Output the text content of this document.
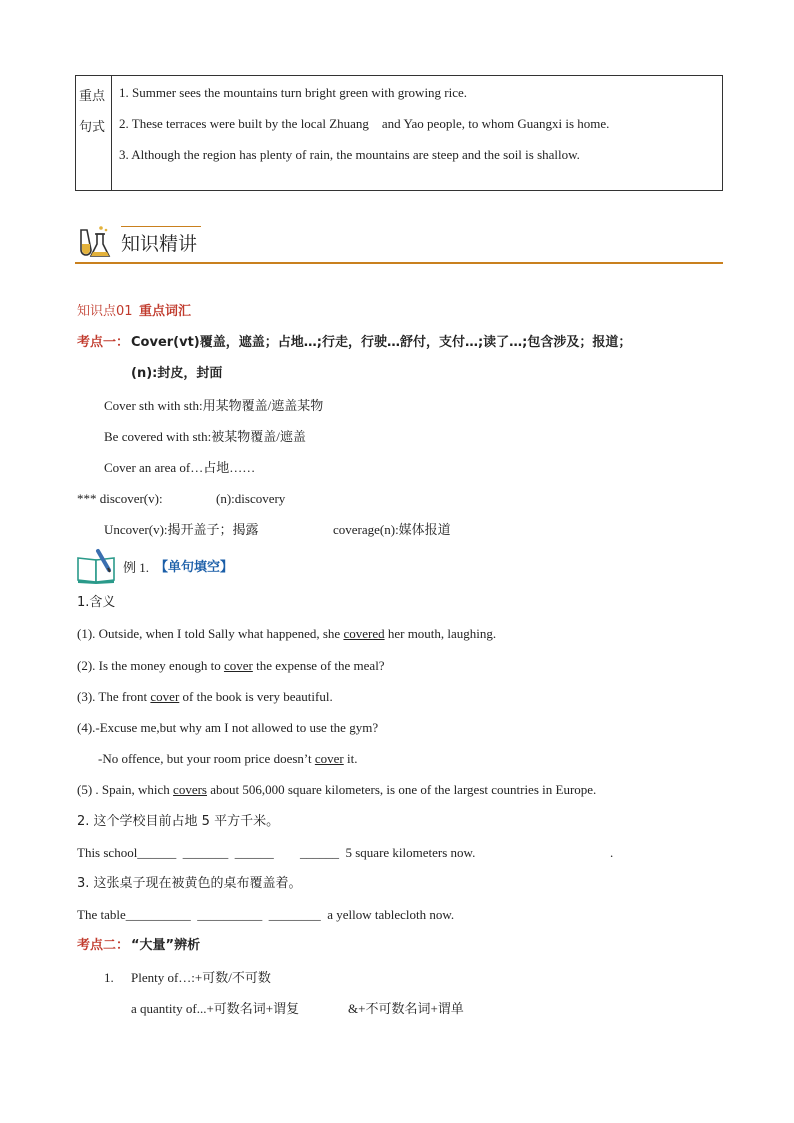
重点
句式
1. Summer sees the mountains turn bright green with growing rice.
2. These terraces were built by the local Zhuang    and Yao people, to whom Guangxi is home.
3. Although the region has plenty of rain, the mountains are steep and the soil is shallow.
知识精讲
知识点01 重点词汇
考点一： Cover(vt)覆盖，遮盖；占地…;行走，行驶…舒付，支付…;读了…;包含涉及；报道；
(n):封皮，封面
Cover sth with sth:用某物覆盖/遮盖某物
Be covered with sth:被某物覆盖/遮盖
Cover an area of…占地……
*** discover(v):	(n):discovery
Uncover(v):揭开盖子；揭露	coverage(n):媒体报道
例 1. 【单句填空】
1.含义
(1). Outside, when I told Sally what happened, she covered her mouth, laughing.
(2). Is the money enough to cover the expense of the meal?
(3). The front cover of the book is very beautiful.
(4).-Excuse me,but why am I not allowed to use the gym?
-No offence, but your room price doesn’t cover it.
(5) . Spain, which covers about 506,000 square kilometers, is one of the largest countries in Europe.
2. 这个学校目前占地 5 平方千米。
This school______  _______  ______ ______  5 square kilometers now.	.
3. 这张桌子现在被黄色的桌布覆盖着。
The table__________  __________  ________  a yellow tablecloth now.
考点二： “大量”辨析
1. Plenty of…:+可数/不可数
a quantity of...+可数名词+谓复	&+不可数名词+谓单
